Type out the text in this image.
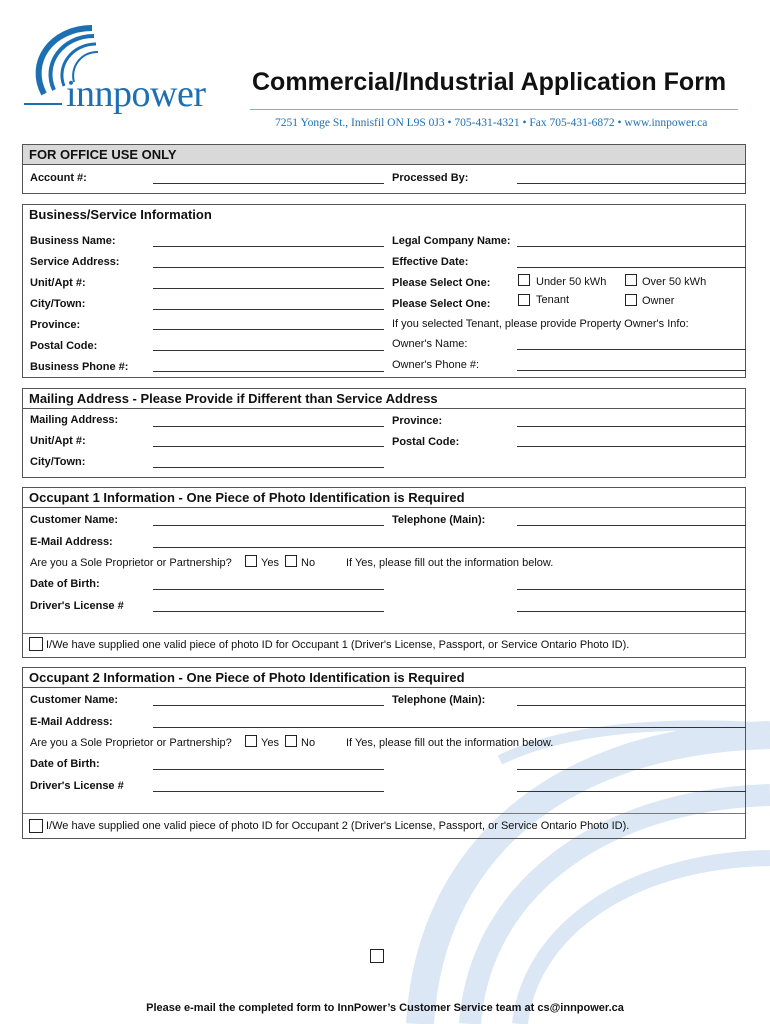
innpower Commercial/Industrial Application Form
7251 Yonge St., Innisfil ON L9S 0J3 • 705-431-4321 • Fax 705-431-6872 • www.innpower.ca
FOR OFFICE USE ONLY
Account #:	Processed By:
Business/Service Information
Business Name:	Legal Company Name:
Service Address:	Effective Date:
Unit/Apt #:	Please Select One:	Under 50 kWh	Over 50 kWh
City/Town:	Please Select One:	Tenant	Owner
Province:	If you selected Tenant, please provide Property Owner's Info:
Postal Code:	Owner's Name:
Business Phone #:	Owner's Phone #:
Mailing Address - Please Provide if Different than Service Address
Mailing Address:	Province:
Unit/Apt #:	Postal Code:
City/Town:
Occupant 1 Information - One Piece of Photo Identification is Required
Customer Name:	Telephone (Main):
E-Mail Address:
Are you a Sole Proprietor or Partnership?	Yes No	If Yes, please fill out the information below.
Date of Birth:
Driver's License #
I/We have supplied one valid piece of photo ID for Occupant 1 (Driver's License, Passport, or Service Ontario Photo ID).
Occupant 2 Information - One Piece of Photo Identification is Required
Customer Name:	Telephone (Main):
E-Mail Address:
Are you a Sole Proprietor or Partnership?	Yes No	If Yes, please fill out the information below.
Date of Birth:
Driver's License #
I/We have supplied one valid piece of photo ID for Occupant 2 (Driver's License, Passport, or Service Ontario Photo ID).
Please e-mail the completed form to InnPower’s Customer Service team at cs@innpower.ca
